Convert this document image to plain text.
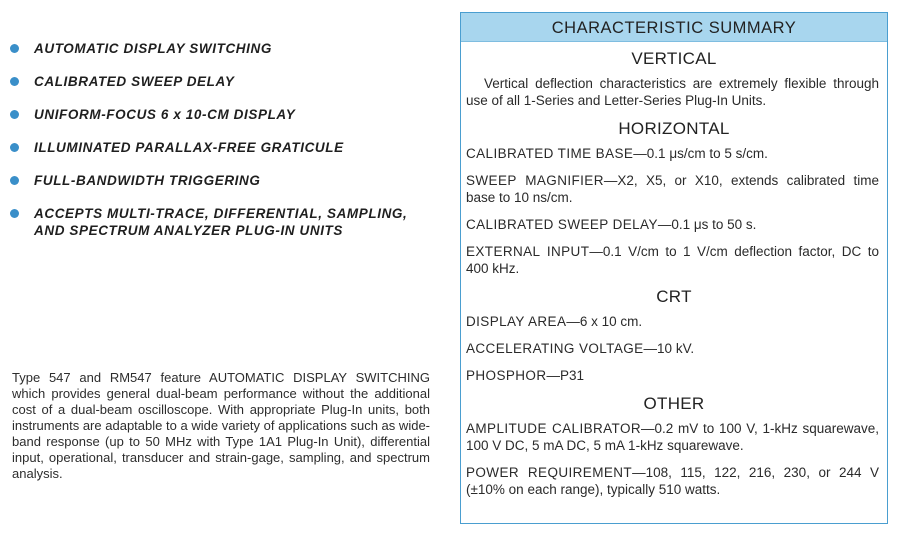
AUTOMATIC DISPLAY SWITCHING
CALIBRATED SWEEP DELAY
UNIFORM-FOCUS 6 x 10-CM DISPLAY
ILLUMINATED PARALLAX-FREE GRATICULE
FULL-BANDWIDTH TRIGGERING
ACCEPTS MULTI-TRACE, DIFFERENTIAL, SAMPLING, AND SPECTRUM ANALYZER PLUG-IN UNITS
Type 547 and RM547 feature AUTOMATIC DISPLAY SWITCHING which provides general dual-beam performance without the additional cost of a dual-beam oscilloscope. With appropriate Plug-In units, both instruments are adaptable to a wide variety of applications such as wide-band response (up to 50 MHz with Type 1A1 Plug-In Unit), differential input, operational, transducer and strain-gage, sampling, and spectrum analysis.
CHARACTERISTIC SUMMARY
VERTICAL
Vertical deflection characteristics are extremely flexible through use of all 1-Series and Letter-Series Plug-In Units.
HORIZONTAL
CALIBRATED TIME BASE—0.1 μs/cm to 5 s/cm.
SWEEP MAGNIFIER—X2, X5, or X10, extends calibrated time base to 10 ns/cm.
CALIBRATED SWEEP DELAY—0.1 μs to 50 s.
EXTERNAL INPUT—0.1 V/cm to 1 V/cm deflection factor, DC to 400 kHz.
CRT
DISPLAY AREA—6 x 10 cm.
ACCELERATING VOLTAGE—10 kV.
PHOSPHOR—P31
OTHER
AMPLITUDE CALIBRATOR—0.2 mV to 100 V, 1-kHz squarewave, 100 V DC, 5 mA DC, 5 mA 1-kHz squarewave.
POWER REQUIREMENT—108, 115, 122, 216, 230, or 244 V (±10% on each range), typically 510 watts.
